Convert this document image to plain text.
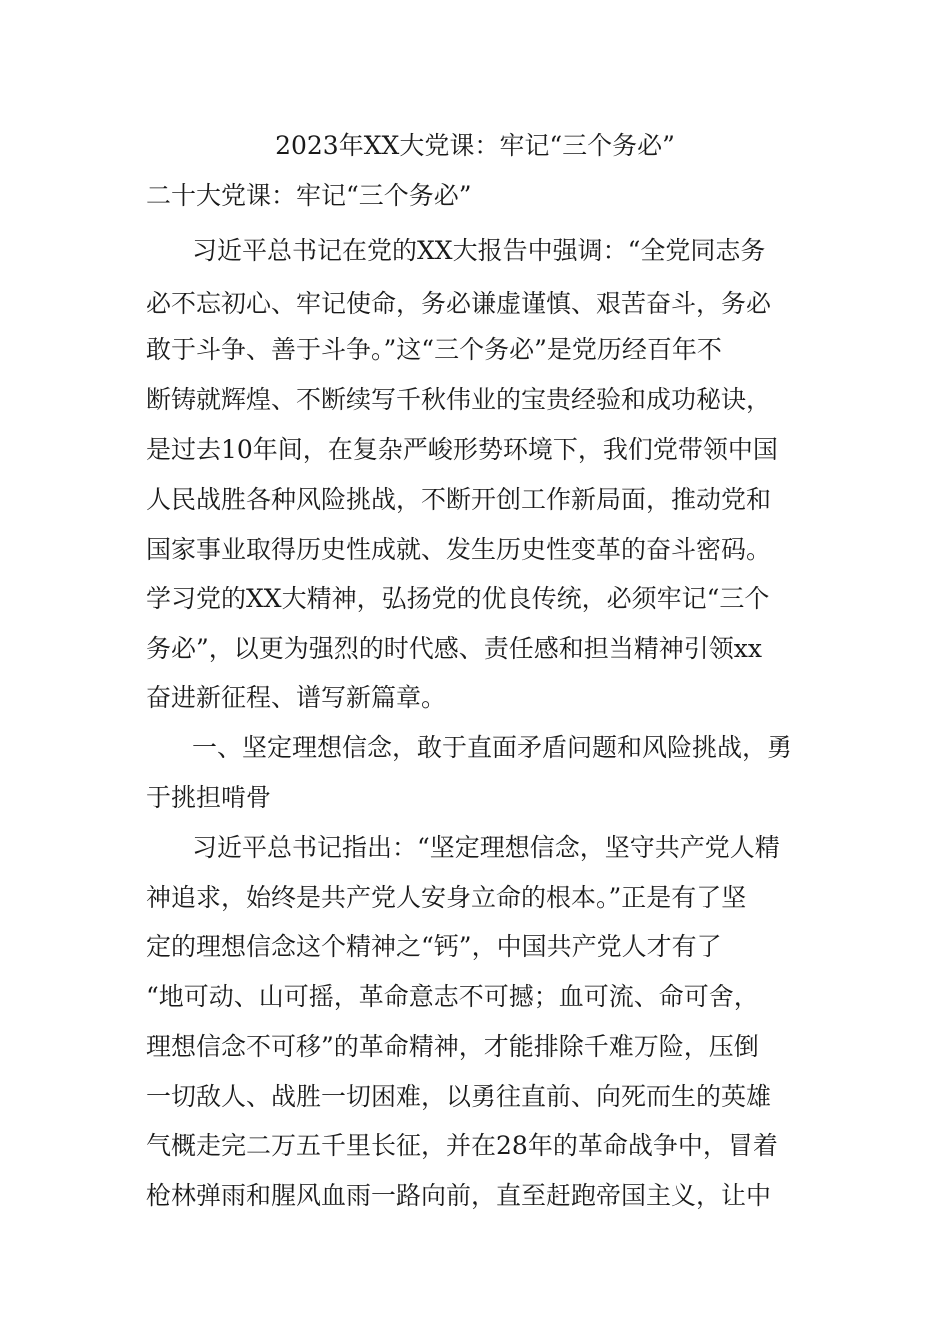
2023年XX大党课：牢记“三个务必”
二十大党课：牢记“三个务必”
习近平总书记在党的XX大报告中强调：“全党同志务
必不忘初心、牢记使命，务必谦虚谨慎、艰苦奋斗，务必
敢于斗争、善于斗争。”这“三个务必”是党历经百年不
断铸就辉煌、不断续写千秋伟业的宝贵经验和成功秘诀，
是过去10年间，在复杂严峻形势环境下，我们党带领中国
人民战胜各种风险挑战，不断开创工作新局面，推动党和
国家事业取得历史性成就、发生历史性变革的奋斗密码。
学习党的XX大精神，弘扬党的优良传统，必须牢记“三个
务必”，以更为强烈的时代感、责任感和担当精神引领xx
奋进新征程、谱写新篇章。
一、坚定理想信念，敢于直面矛盾问题和风险挑战，勇
于挑担啃骨
习近平总书记指出：“坚定理想信念，坚守共产党人精
神追求，始终是共产党人安身立命的根本。”正是有了坚
定的理想信念这个精神之“钙”，中国共产党人才有了
“地可动、山可摇，革命意志不可撼；血可流、命可舍，
理想信念不可移”的革命精神，才能排除千难万险，压倒
一切敌人、战胜一切困难，以勇往直前、向死而生的英雄
气概走完二万五千里长征，并在28年的革命战争中，冒着
枪林弹雨和腥风血雨一路向前，直至赶跑帝国主义，让中
